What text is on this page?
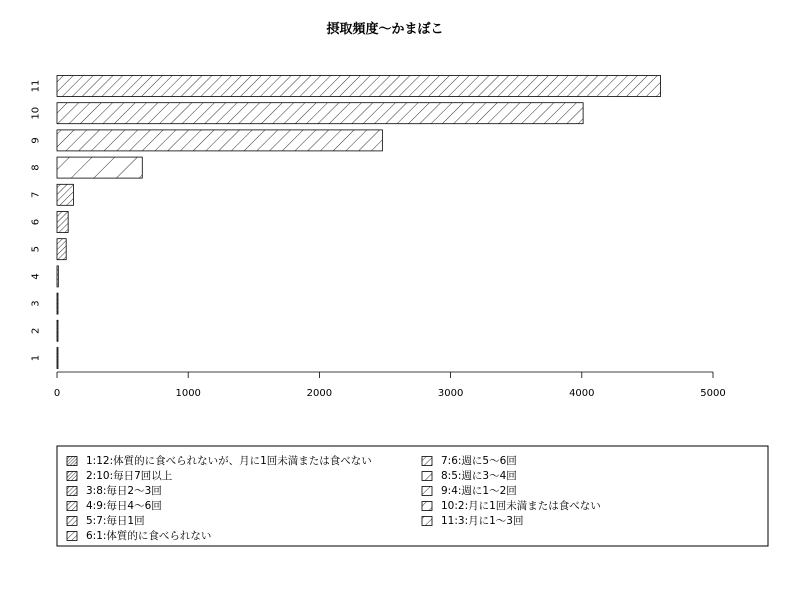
摂取頻度〜かまぼこ
1
2
3
4
5
6
7
8
9
10
11
0	1000	2000	3000	4000	5000
1:12:体質的に食べられないが、月に1回未満または食べない
2:10:毎日7回以上
3:8:毎日2〜3回
4:9:毎日4〜6回
5:7:毎日1回
6:1:体質的に食べられない
7:6:週に5〜6回
8:5:週に3〜4回
9:4:週に1〜2回
10:2:月に1回未満または食べない
11:3:月に1〜3回
